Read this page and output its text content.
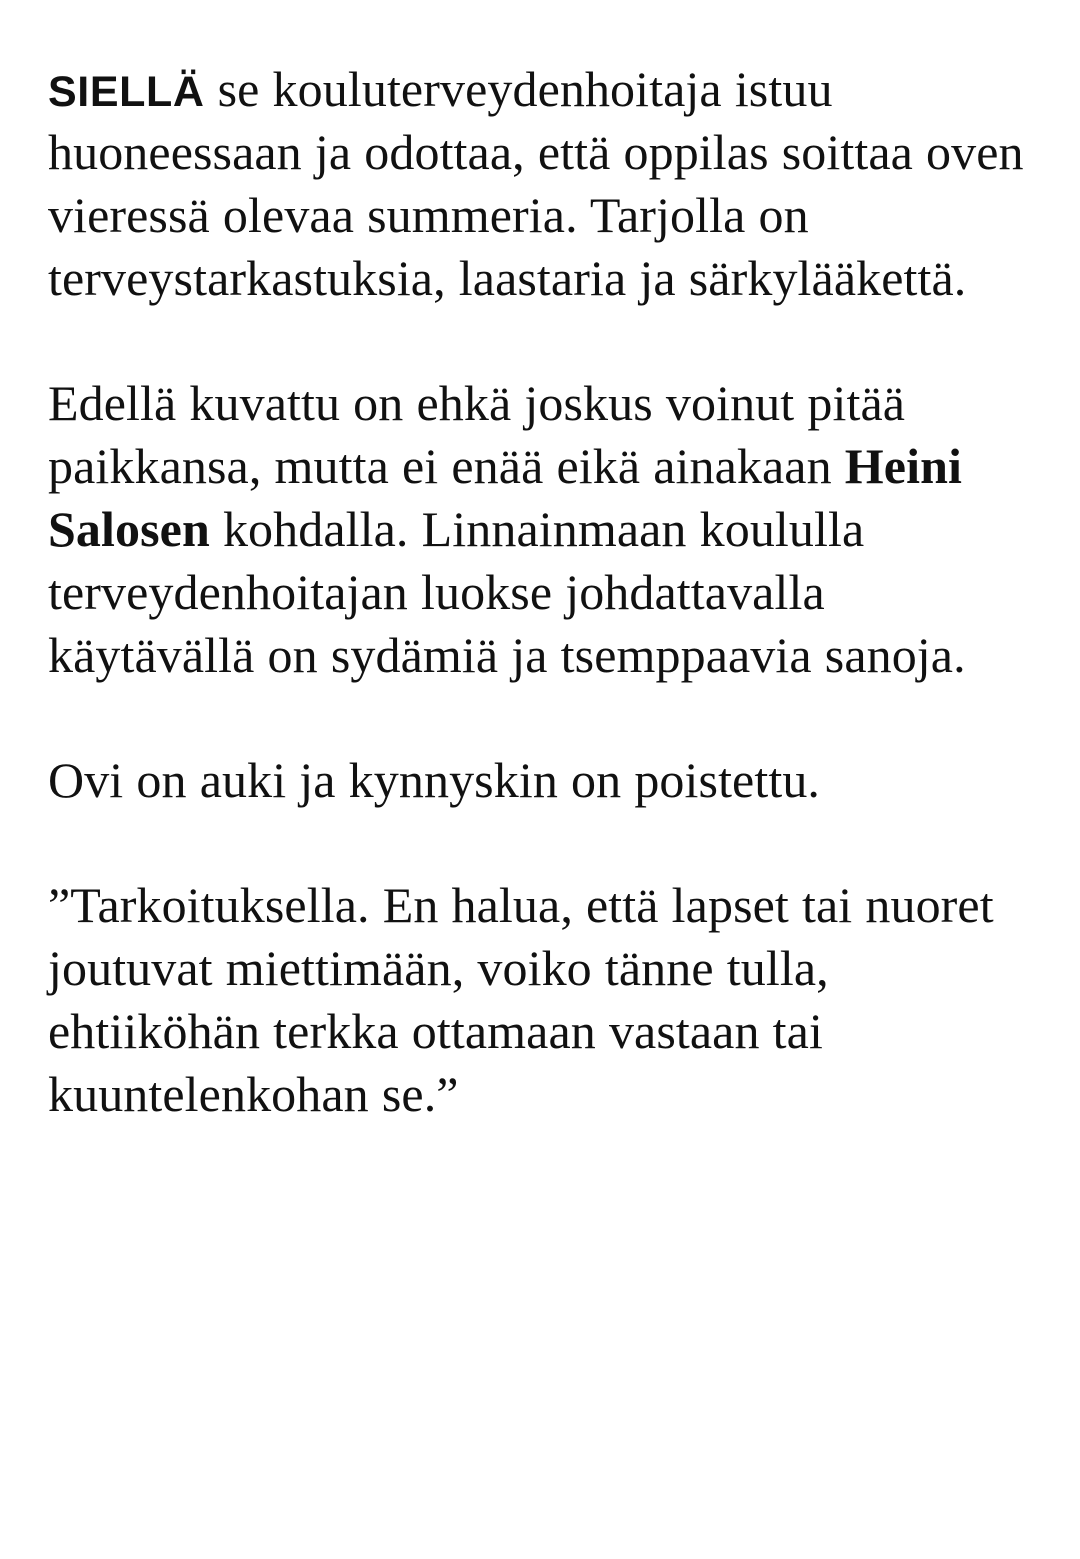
SIELLÄ se kouluterveydenhoitaja istuu huoneessaan ja odottaa, että oppilas soittaa oven vieressä olevaa summeria. Tarjolla on terveystarkastuksia, laastaria ja särkylääkettä.

Edellä kuvattu on ehkä joskus voinut pitää paikkansa, mutta ei enää eikä ainakaan Heini Salosen kohdalla. Linnainmaan koululla terveydenhoitajan luokse johdattavalla käytävällä on sydämiä ja tsemppaavia sanoja.

Ovi on auki ja kynnyskin on poistettu.

”Tarkoituksella. En halua, että lapset tai nuoret joutuvat miettimään, voiko tänne tulla, ehtiiköhän terkka ottamaan vastaan tai kuuntelenkohan se.”
